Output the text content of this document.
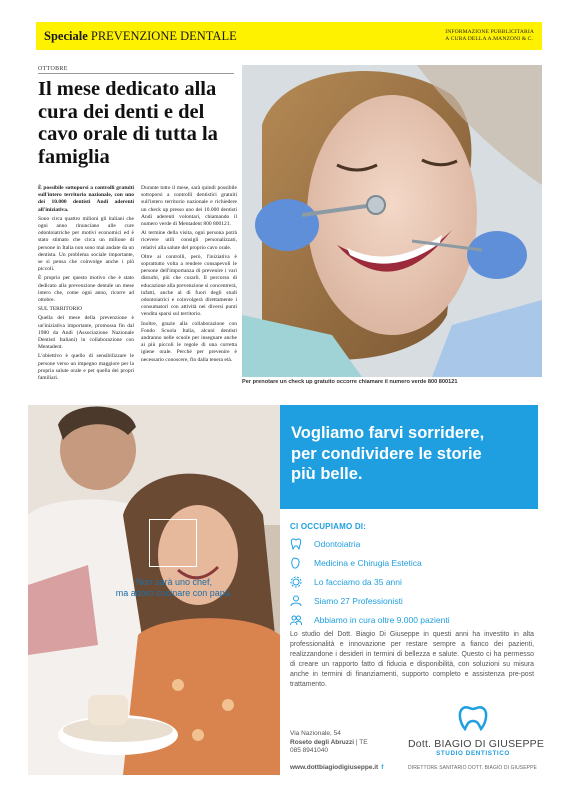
Speciale PREVENZIONE DENTALE	INFORMAZIONE PUBBLICITARIA
A CURA DELLA A.MANZONI & C.
OTTOBRE
Il mese dedicato alla cura dei denti e del cavo orale di tutta la famiglia

È possibile sottoporsi a controlli gratuiti sull'intero territorio nazionale, con uno dei 10.000 dentisti Andi aderenti all'iniziativa.

Sono circa quattro milioni gli italiani che ogni anno rinunciano alle cure odontoiatriche per motivi economici ed è stato stimato che circa un milione di persone in Italia non sono mai andate da un dentista. Un problema sociale importante, se si pensa che coinvolge anche i più piccoli.

È proprio per questo motivo che è stato dedicato alla prevenzione dentale un mese intero che, come ogni anno, ricorre ad ottobre.

SUL TERRITORIO

Quella del mese della prevenzione è un'iniziativa importante, promossa fin dal 1980 da Andi (Associazione Nazionale Dentisti Italiani) in collaborazione con Mentadent.

L'obiettivo è quello di sensibilizzare le persone verso un impegno maggiore per la propria salute orale e per quella dei propri familiari.

Durante tutto il mese, sarà quindi possibile sottoporsi a controlli dentistici gratuiti sull'intero territorio nazionale e richiedere un check up presso uno dei 10.000 dentisti Andi aderenti volontari, chiamando il numero verde di Mentadent 800 800121.

Al termine della visita, ogni persona potrà ricevere utili consigli personalizzati, relativi alla salute del proprio cavo orale.

Oltre ai controlli, però, l'iniziativa è soprattutto volta a rendere consapevoli le persone dell'importanza di prevenire i vari disturbi, più che curarli. Il percorso di educazione alla prevenzione si concentrerà, infatti, anche al di fuori degli studi odontoiatrici e coinvolgerà direttamente i consumatori con attività nei diversi punti vendita sparsi sul territorio.

Inoltre, grazie alla collaborazione con Fondo Scuola Italia, alcuni dentisti andranno nelle scuole per insegnare anche ai più piccoli le regole di una corretta igiene orale. Perché per prevenire è necessario conoscere, fin dalla tenera età.

Per prenotare un check up gratuito occorre chiamare il numero verde 800 800121
Non sarà uno chef,
ma adoro cucinare con papà.
Vogliamo farvi sorridere,
per condividere le storie
più belle.
CI OCCUPIAMO DI:
Odontoiatria
Medicina e Chirugia Estetica
Lo facciamo da 35 anni
Siamo 27 Professionisti
Abbiamo in cura oltre 9.000 pazienti
Lo studio del Dott. Biagio Di Giuseppe in questi anni ha investito in alta professionalità e innovazione per restare sempre a fianco dei pazienti, realizzandone i desideri in termini di bellezza e salute. Questo ci ha permesso di creare un rapporto fatto di fiducia e disponibilità, con soluzioni su misura anche in termini di finanziamenti, supporto completo e assistenza pre-post trattamento.
Via Nazionale, 54
Roseto degli Abruzzi | TE
085 8941040
www.dottbiagiodigiuseppe.it f
Dott. BIAGIO DI GIUSEPPE
STUDIO DENTISTICO
DIRETTORE SANITARIO DOTT. BIAGIO DI GIUSEPPE
